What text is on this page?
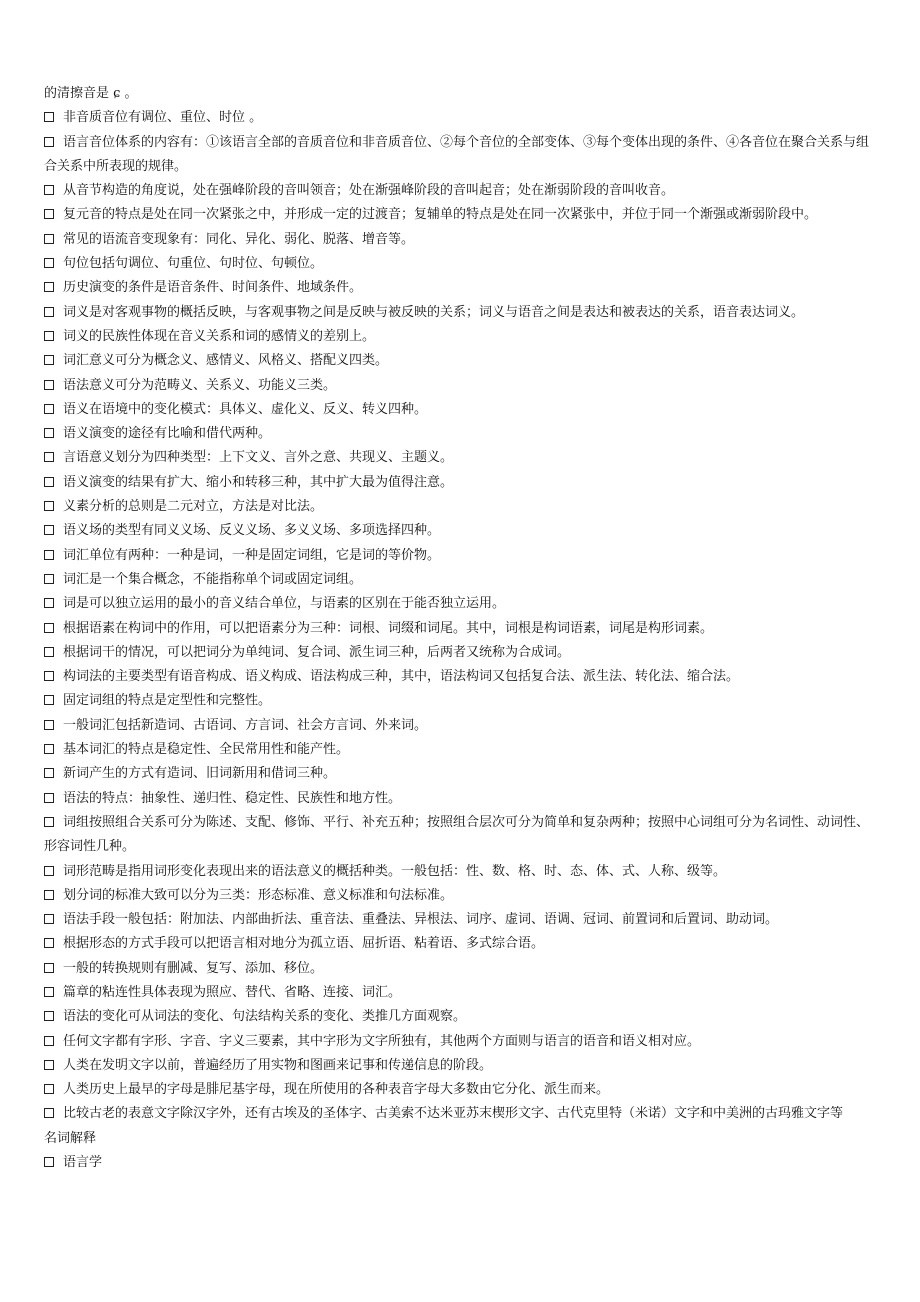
的清擦音是 ɕ 。

非音质音位有调位、重位、时位 。

语言音位体系的内容有：①该语言全部的音质音位和非音质音位、②每个音位的全部变体、③每个变体出现的条件、④各音位在聚合关系与组合关系中所表现的规律。

从音节构造的角度说，处在强峰阶段的音叫领音；处在渐强峰阶段的音叫起音；处在渐弱阶段的音叫收音。

复元音的特点是处在同一次紧张之中，并形成一定的过渡音；复辅单的特点是处在同一次紧张中，并位于同一个渐强或渐弱阶段中。

常见的语流音变现象有：同化、异化、弱化、脱落、增音等。

句位包括句调位、句重位、句时位、句顿位。

历史演变的条件是语音条件、时间条件、地域条件。

词义是对客观事物的概括反映，与客观事物之间是反映与被反映的关系；词义与语音之间是表达和被表达的关系，语音表达词义。

词义的民族性体现在音义关系和词的感情义的差别上。

词汇意义可分为概念义、感情义、风格义、搭配义四类。

语法意义可分为范畴义、关系义、功能义三类。

语义在语境中的变化模式：具体义、虚化义、反义、转义四种。

语义演变的途径有比喻和借代两种。

言语意义划分为四种类型：上下文义、言外之意、共现义、主题义。

语义演变的结果有扩大、缩小和转移三种，其中扩大最为值得注意。

义素分析的总则是二元对立，方法是对比法。

语义场的类型有同义义场、反义义场、多义义场、多项选择四种。

词汇单位有两种：一种是词，一种是固定词组，它是词的等价物。

词汇是一个集合概念，不能指称单个词或固定词组。

词是可以独立运用的最小的音义结合单位，与语素的区别在于能否独立运用。

根据语素在构词中的作用，可以把语素分为三种：词根、词缀和词尾。其中，词根是构词语素，词尾是构形词素。

根据词干的情况，可以把词分为单纯词、复合词、派生词三种，后两者又统称为合成词。

构词法的主要类型有语音构成、语义构成、语法构成三种，其中，语法构词又包括复合法、派生法、转化法、缩合法。

固定词组的特点是定型性和完整性。

一般词汇包括新造词、古语词、方言词、社会方言词、外来词。

基本词汇的特点是稳定性、全民常用性和能产性。

新词产生的方式有造词、旧词新用和借词三种。

语法的特点：抽象性、递归性、稳定性、民族性和地方性。

词组按照组合关系可分为陈述、支配、修饰、平行、补充五种；按照组合层次可分为简单和复杂两种；按照中心词组可分为名词性、动词性、形容词性几种。

词形范畴是指用词形变化表现出来的语法意义的概括种类。一般包括：性、数、格、时、态、体、式、人称、级等。

划分词的标准大致可以分为三类：形态标准、意义标准和句法标准。

语法手段一般包括：附加法、内部曲折法、重音法、重叠法、异根法、词序、虚词、语调、冠词、前置词和后置词、助动词。

根据形态的方式手段可以把语言相对地分为孤立语、屈折语、粘着语、多式综合语。

一般的转换规则有删减、复写、添加、移位。

篇章的粘连性具体表现为照应、替代、省略、连接、词汇。

语法的变化可从词法的变化、句法结构关系的变化、类推几方面观察。

任何文字都有字形、字音、字义三要素，其中字形为文字所独有，其他两个方面则与语言的语音和语义相对应。

人类在发明文字以前，普遍经历了用实物和图画来记事和传递信息的阶段。

人类历史上最早的字母是腓尼基字母，现在所使用的各种表音字母大多数由它分化、派生而来。

比较古老的表意文字除汉字外，还有古埃及的圣体字、古美索不达米亚苏末楔形文字、古代克里特（米诺）文字和中美洲的古玛雅文字等

名词解释

语言学
